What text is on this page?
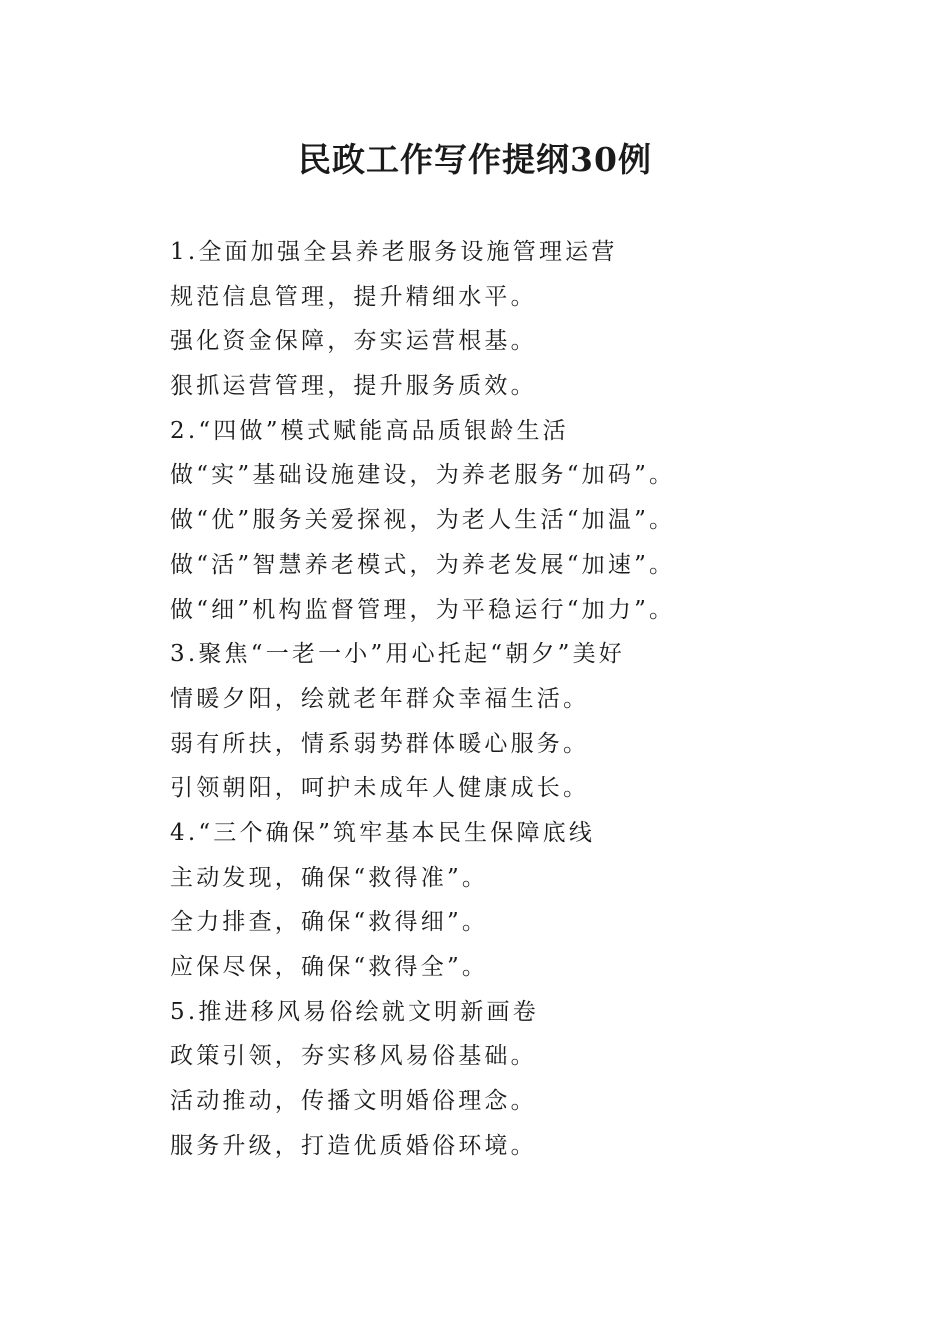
民政工作写作提纲30例
1.全面加强全县养老服务设施管理运营
规范信息管理，提升精细水平。
强化资金保障，夯实运营根基。
狠抓运营管理，提升服务质效。
2.“四做”模式赋能高品质银龄生活
做“实”基础设施建设，为养老服务“加码”。
做“优”服务关爱探视，为老人生活“加温”。
做“活”智慧养老模式，为养老发展“加速”。
做“细”机构监督管理，为平稳运行“加力”。
3.聚焦“一老一小”用心托起“朝夕”美好
情暖夕阳，绘就老年群众幸福生活。
弱有所扶，情系弱势群体暖心服务。
引领朝阳，呵护未成年人健康成长。
4.“三个确保”筑牢基本民生保障底线
主动发现，确保“救得准”。
全力排查，确保“救得细”。
应保尽保，确保“救得全”。
5.推进移风易俗绘就文明新画卷
政策引领，夯实移风易俗基础。
活动推动，传播文明婚俗理念。
服务升级，打造优质婚俗环境。
